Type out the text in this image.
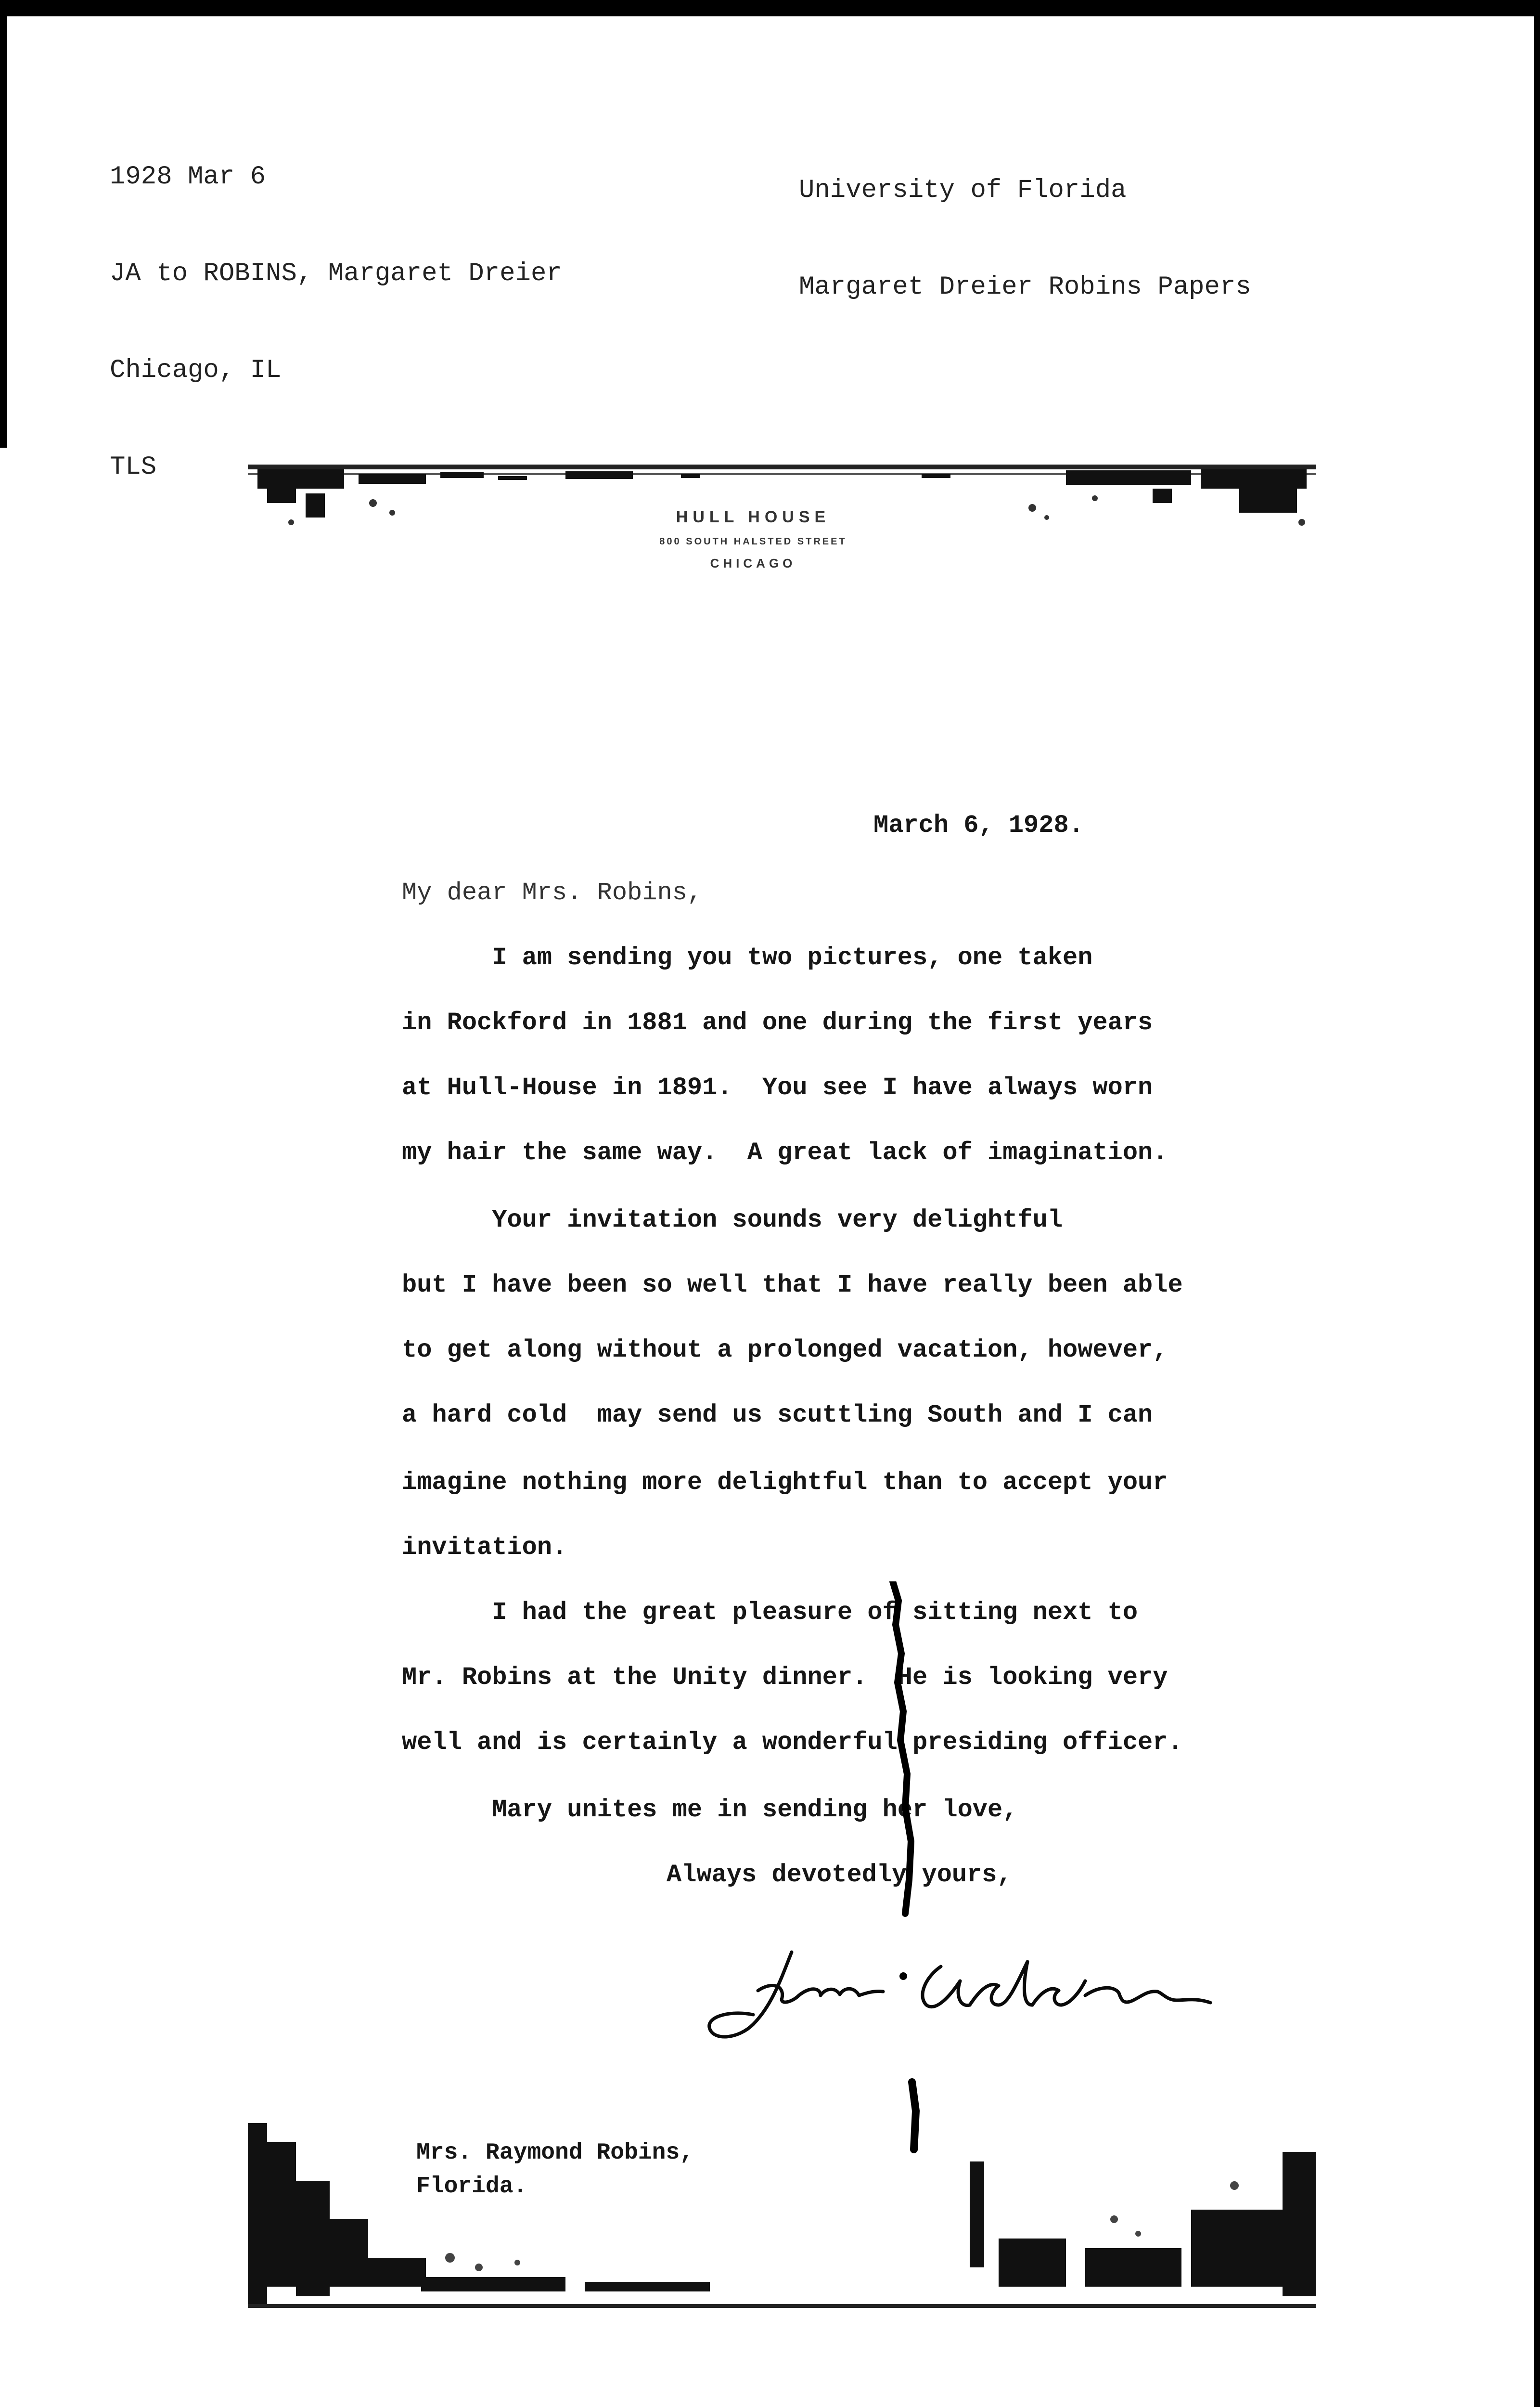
1928 Mar 6

JA to ROBINS, Margaret Dreier

Chicago, IL

TLS

University of Florida

Margaret Dreier Robins Papers

HULL HOUSE
800 SOUTH HALSTED STREET
CHICAGO
March 6, 1928.
My dear Mrs. Robins,
I am sending you two pictures, one taken
in Rockford in 1881 and one during the first years
at Hull-House in 1891.  You see I have always worn
my hair the same way.  A great lack of imagination.
Your invitation sounds very delightful
but I have been so well that I have really been able
to get along without a prolonged vacation, however,
a hard cold  may send us scuttling South and I can
imagine nothing more delightful than to accept your
invitation.
I had the great pleasure of sitting next to
Mr. Robins at the Unity dinner.  He is looking very
well and is certainly a wonderful presiding officer.
Mary unites me in sending her love,
Always devotedly yours,
Mrs. Raymond Robins,
Florida.
